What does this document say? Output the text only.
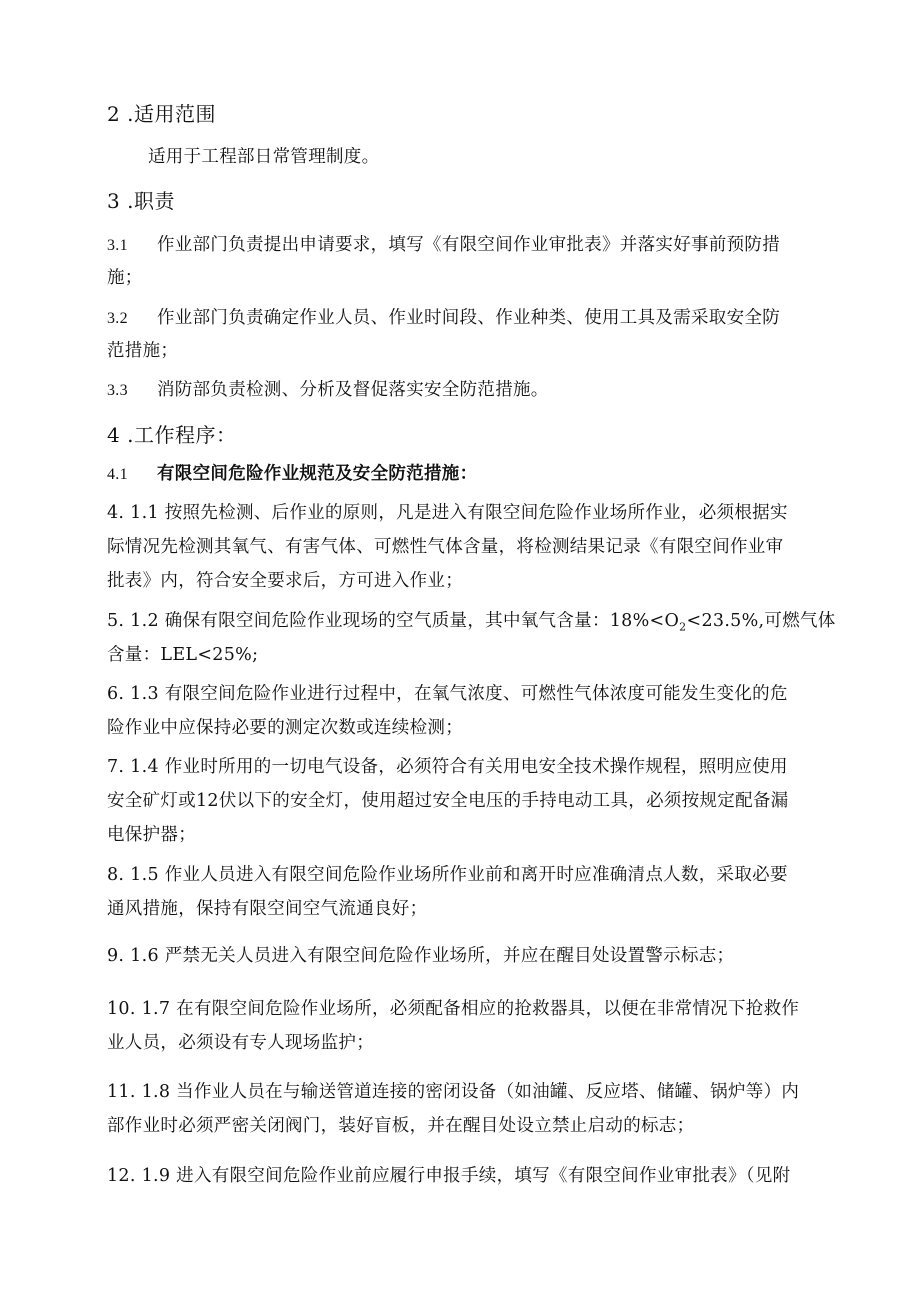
2 .适用范围
适用于工程部日常管理制度。
3 .职责
3.1 作业部门负责提出申请要求，填写《有限空间作业审批表》并落实好事前预防措
施；
3.2 作业部门负责确定作业人员、作业时间段、作业种类、使用工具及需采取安全防
范措施；
3.3 消防部负责检测、分析及督促落实安全防范措施。
4 .工作程序：
4.1 有限空间危险作业规范及安全防范措施：
4. 1.1 按照先检测、后作业的原则，凡是进入有限空间危险作业场所作业，必须根据实
际情况先检测其氧气、有害气体、可燃性气体含量，将检测结果记录《有限空间作业审
批表》内，符合安全要求后，方可进入作业；
5. 1.2 确保有限空间危险作业现场的空气质量，其中氧气含量：$18\%<O_2<23.5\%$,可燃气体
含量：LEL<25%;
6. 1.3 有限空间危险作业进行过程中，在氧气浓度、可燃性气体浓度可能发生变化的危
险作业中应保持必要的测定次数或连续检测；
7. 1.4 作业时所用的一切电气设备，必须符合有关用电安全技术操作规程，照明应使用
安全矿灯或12伏以下的安全灯，使用超过安全电压的手持电动工具，必须按规定配备漏
电保护器；
8. 1.5 作业人员进入有限空间危险作业场所作业前和离开时应准确清点人数，采取必要
通风措施，保持有限空间空气流通良好；
9. 1.6 严禁无关人员进入有限空间危险作业场所，并应在醒目处设置警示标志；
10. 1.7 在有限空间危险作业场所，必须配备相应的抢救器具，以便在非常情况下抢救作
业人员，必须设有专人现场监护；
11. 1.8 当作业人员在与输送管道连接的密闭设备（如油罐、反应塔、储罐、锅炉等）内
部作业时必须严密关闭阀门，装好盲板，并在醒目处设立禁止启动的标志；
12. 1.9 进入有限空间危险作业前应履行申报手续，填写《有限空间作业审批表》（见附
